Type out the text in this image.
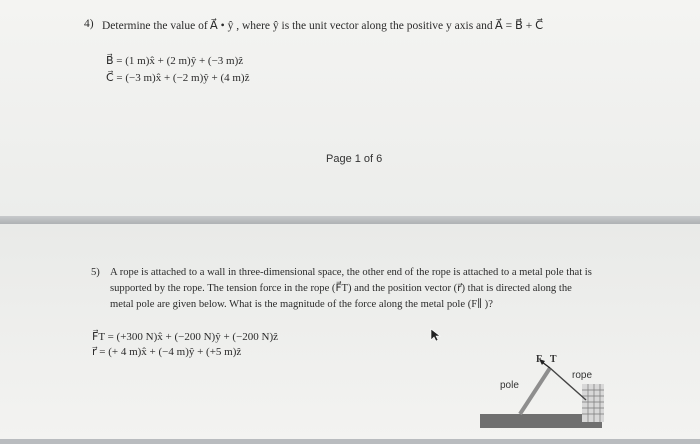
4) Determine the value of A⃗ • ŷ , where ŷ is the unit vector along the positive y axis and A⃗ = B⃗ + C⃗
B⃗ = (1 m)x̂ + (2 m)ŷ + (−3 m)ẑ
C⃗ = (−3 m)x̂ + (−2 m)ŷ + (4 m)ẑ
Page 1 of 6
5) A rope is attached to a wall in three-dimensional space, the other end of the rope is attached to a metal pole that is
supported by the rope. The tension force in the rope (F⃗T) and the position vector (r⃗) that is directed along the
metal pole are given below. What is the magnitude of the force along the metal pole (F∥ )?
F⃗T = (+300 N)x̂ + (−200 N)ŷ + (−200 N)ẑ
r⃗ = (+ 4 m)x̂ + (−4 m)ŷ + (+5 m)ẑ
F⃗T
rope
pole
